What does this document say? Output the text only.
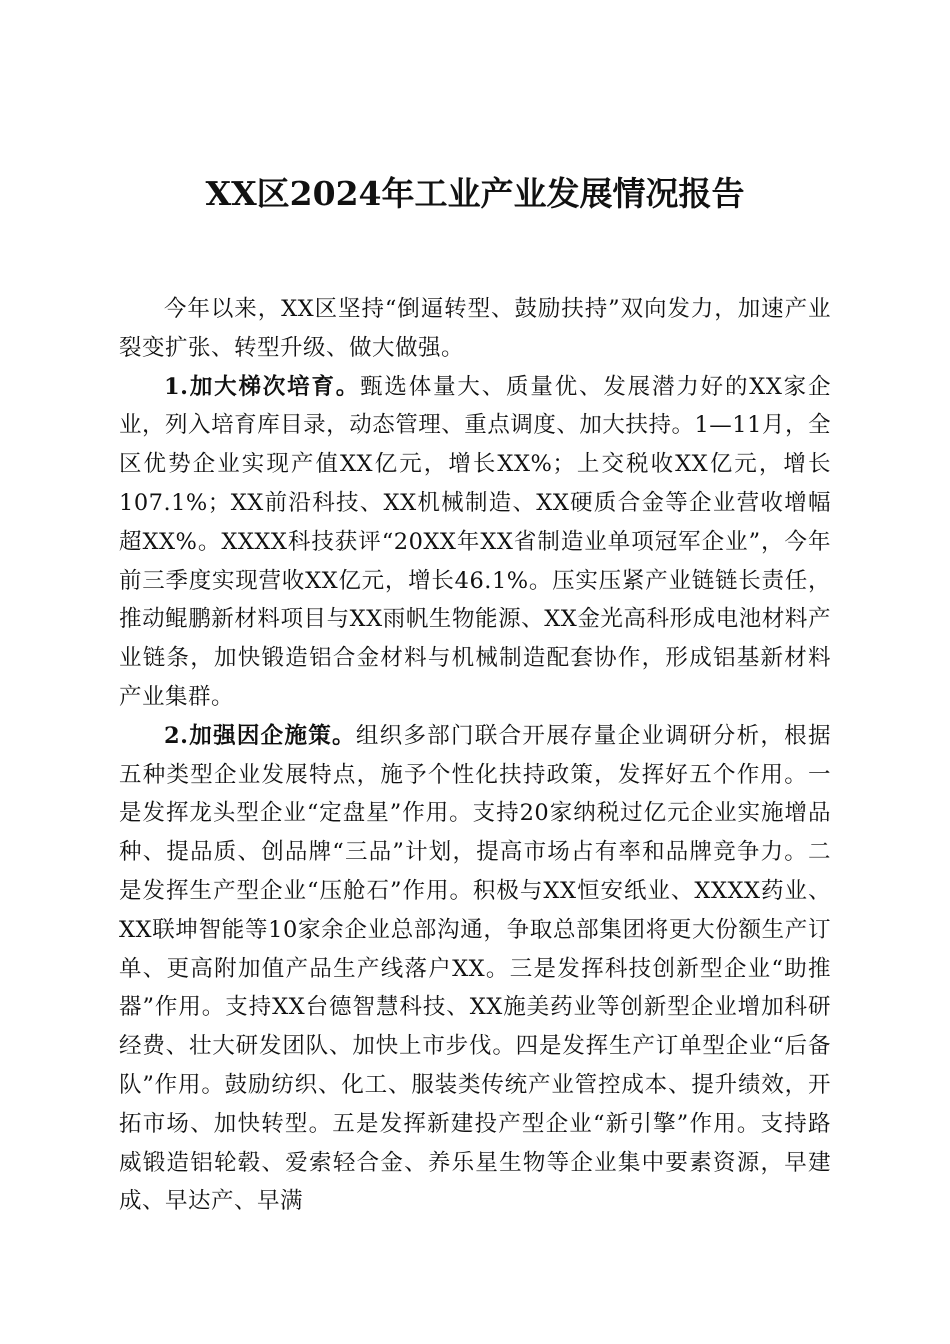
XX区2024年工业产业发展情况报告

今年以来，XX区坚持“倒逼转型、鼓励扶持”双向发力，加速产业裂变扩张、转型升级、做大做强。

1.加大梯次培育。甄选体量大、质量优、发展潜力好的XX家企业，列入培育库目录，动态管理、重点调度、加大扶持。1—11月，全区优势企业实现产值XX亿元，增长XX%；上交税收XX亿元，增长107.1%；XX前沿科技、XX机械制造、XX硬质合金等企业营收增幅超XX%。XXXX科技获评“20XX年XX省制造业单项冠军企业”，今年前三季度实现营收XX亿元，增长46.1%。压实压紧产业链链长责任，推动鲲鹏新材料项目与XX雨帆生物能源、XX金光高科形成电池材料产业链条，加快锻造铝合金材料与机械制造配套协作，形成铝基新材料产业集群。

2.加强因企施策。组织多部门联合开展存量企业调研分析，根据五种类型企业发展特点，施予个性化扶持政策，发挥好五个作用。一是发挥龙头型企业“定盘星”作用。支持20家纳税过亿元企业实施增品种、提品质、创品牌“三品”计划，提高市场占有率和品牌竞争力。二是发挥生产型企业“压舱石”作用。积极与XX恒安纸业、XXXX药业、XX联坤智能等10家余企业总部沟通，争取总部集团将更大份额生产订单、更高附加值产品生产线落户XX。三是发挥科技创新型企业“助推器”作用。支持XX台德智慧科技、XX施美药业等创新型企业增加科研经费、壮大研发团队、加快上市步伐。四是发挥生产订单型企业“后备队”作用。鼓励纺织、化工、服装类传统产业管控成本、提升绩效，开拓市场、加快转型。五是发挥新建投产型企业“新引擎”作用。支持路威锻造铝轮毂、爱索轻合金、养乐星生物等企业集中要素资源，早建成、早达产、早满
